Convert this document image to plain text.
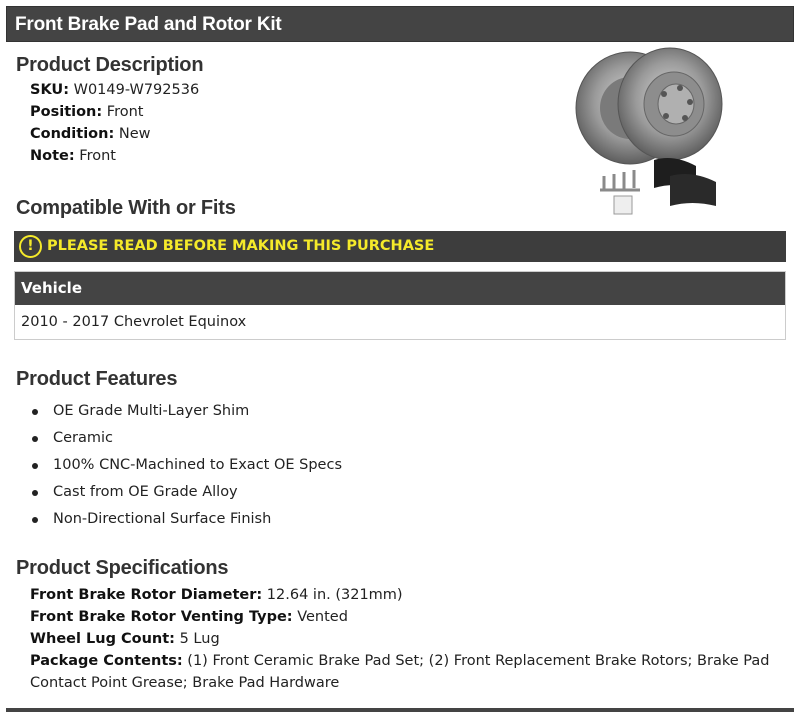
Front Brake Pad and Rotor Kit
Product Description
SKU: W0149-W792536
Position: Front
Condition: New
Note: Front
Compatible With or Fits
! PLEASE READ BEFORE MAKING THIS PURCHASE
Vehicle
2010 - 2017 Chevrolet Equinox
Product Features
OE Grade Multi-Layer Shim
Ceramic
100% CNC-Machined to Exact OE Specs
Cast from OE Grade Alloy
Non-Directional Surface Finish
Product Specifications
Front Brake Rotor Diameter: 12.64 in. (321mm)
Front Brake Rotor Venting Type: Vented
Wheel Lug Count: 5 Lug
Package Contents: (1) Front Ceramic Brake Pad Set; (2) Front Replacement Brake Rotors; Brake Pad Contact Point Grease; Brake Pad Hardware
